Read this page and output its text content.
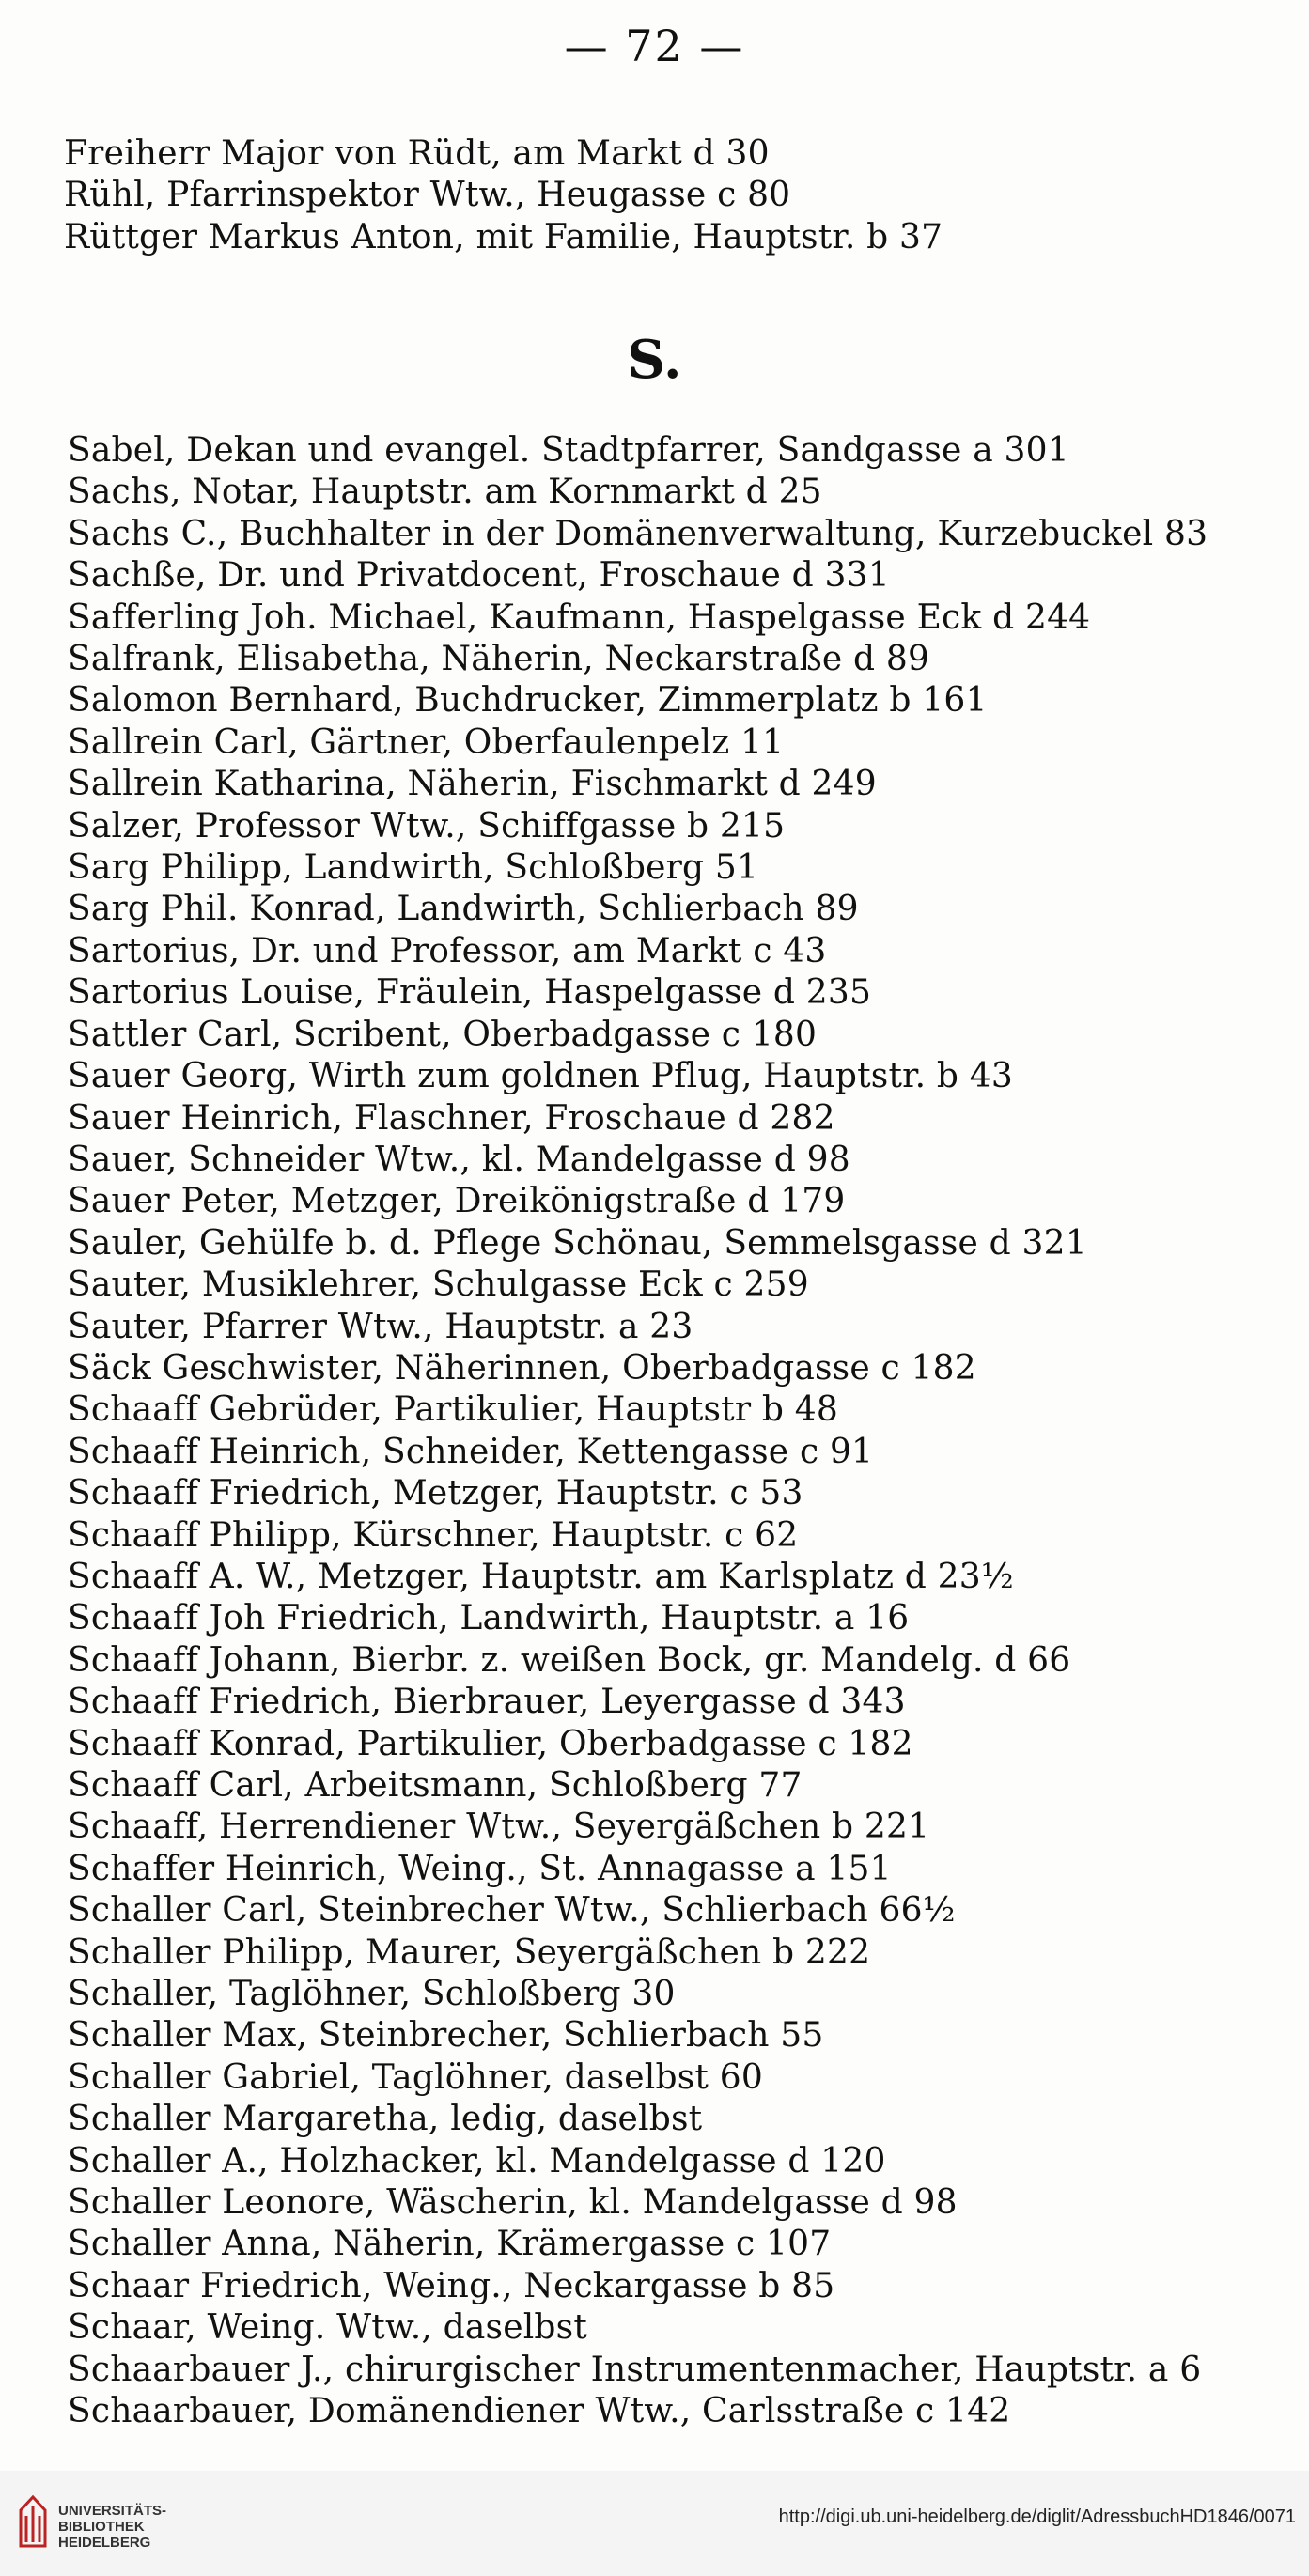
— 72 —
Freiherr Major von Rüdt, am Markt d 30
Rühl, Pfarrinspektor Wtw., Heugasse c 80
Rüttger Markus Anton, mit Familie, Hauptstr. b 37
S.
Sabel, Dekan und evangel. Stadtpfarrer, Sandgasse a 301
Sachs, Notar, Hauptstr. am Kornmarkt d 25
Sachs C., Buchhalter in der Domänenverwaltung, Kurzebuckel 83
Sachße, Dr. und Privatdocent, Froschaue d 331
Safferling Joh. Michael, Kaufmann, Haspelgasse Eck d 244
Salfrank, Elisabetha, Näherin, Neckarstraße d 89
Salomon Bernhard, Buchdrucker, Zimmerplatz b 161
Sallrein Carl, Gärtner, Oberfaulenpelz 11
Sallrein Katharina, Näherin, Fischmarkt d 249
Salzer, Professor Wtw., Schiffgasse b 215
Sarg Philipp, Landwirth, Schloßberg 51
Sarg Phil. Konrad, Landwirth, Schlierbach 89
Sartorius, Dr. und Professor, am Markt c 43
Sartorius Louise, Fräulein, Haspelgasse d 235
Sattler Carl, Scribent, Oberbadgasse c 180
Sauer Georg, Wirth zum goldnen Pflug, Hauptstr. b 43
Sauer Heinrich, Flaschner, Froschaue d 282
Sauer, Schneider Wtw., kl. Mandelgasse d 98
Sauer Peter, Metzger, Dreikönigstraße d 179
Sauler, Gehülfe b. d. Pflege Schönau, Semmelsgasse d 321
Sauter, Musiklehrer, Schulgasse Eck c 259
Sauter, Pfarrer Wtw., Hauptstr. a 23
Säck Geschwister, Näherinnen, Oberbadgasse c 182
Schaaff Gebrüder, Partikulier, Hauptstr b 48
Schaaff Heinrich, Schneider, Kettengasse c 91
Schaaff Friedrich, Metzger, Hauptstr. c 53
Schaaff Philipp, Kürschner, Hauptstr. c 62
Schaaff A. W., Metzger, Hauptstr. am Karlsplatz d 23½
Schaaff Joh Friedrich, Landwirth, Hauptstr. a 16
Schaaff Johann, Bierbr. z. weißen Bock, gr. Mandelg. d 66
Schaaff Friedrich, Bierbrauer, Leyergasse d 343
Schaaff Konrad, Partikulier, Oberbadgasse c 182
Schaaff Carl, Arbeitsmann, Schloßberg 77
Schaaff, Herrendiener Wtw., Seyergäßchen b 221
Schaffer Heinrich, Weing., St. Annagasse a 151
Schaller Carl, Steinbrecher Wtw., Schlierbach 66½
Schaller Philipp, Maurer, Seyergäßchen b 222
Schaller, Taglöhner, Schloßberg 30
Schaller Max, Steinbrecher, Schlierbach 55
Schaller Gabriel, Taglöhner, daselbst 60
Schaller Margaretha, ledig, daselbst
Schaller A., Holzhacker, kl. Mandelgasse d 120
Schaller Leonore, Wäscherin, kl. Mandelgasse d 98
Schaller Anna, Näherin, Krämergasse c 107
Schaar Friedrich, Weing., Neckargasse b 85
Schaar, Weing. Wtw., daselbst
Schaarbauer J., chirurgischer Instrumentenmacher, Hauptstr. a 6
Schaarbauer, Domänendiener Wtw., Carlsstraße c 142
UNIVERSITÄTS-
BIBLIOTHEK
HEIDELBERG
http://digi.ub.uni-heidelberg.de/diglit/AdressbuchHD1846/0071
